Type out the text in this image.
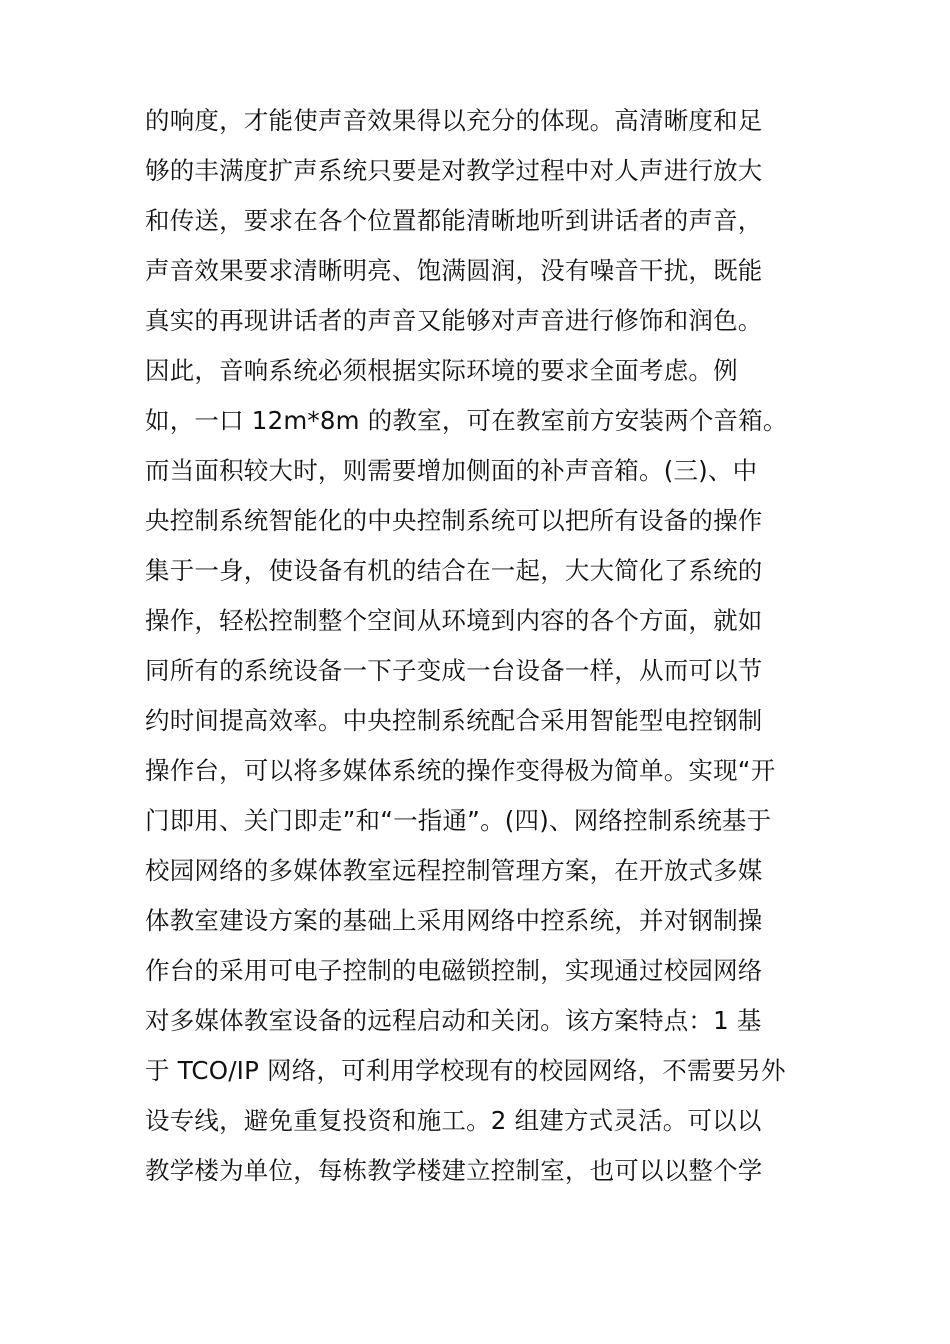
的响度，才能使声音效果得以充分的体现。高清晰度和足
够的丰满度扩声系统只要是对教学过程中对人声进行放大
和传送，要求在各个位置都能清晰地听到讲话者的声音，
声音效果要求清晰明亮、饱满圆润，没有噪音干扰，既能
真实的再现讲话者的声音又能够对声音进行修饰和润色。
因此，音响系统必须根据实际环境的要求全面考虑。例
如，一口 12m*8m 的教室，可在教室前方安装两个音箱。
而当面积较大时，则需要增加侧面的补声音箱。(三)、中
央控制系统智能化的中央控制系统可以把所有设备的操作
集于一身，使设备有机的结合在一起，大大简化了系统的
操作，轻松控制整个空间从环境到内容的各个方面，就如
同所有的系统设备一下子变成一台设备一样，从而可以节
约时间提高效率。中央控制系统配合采用智能型电控钢制
操作台，可以将多媒体系统的操作变得极为简单。实现“开
门即用、关门即走”和“一指通”。(四)、网络控制系统基于
校园网络的多媒体教室远程控制管理方案，在开放式多媒
体教室建设方案的基础上采用网络中控系统，并对钢制操
作台的采用可电子控制的电磁锁控制，实现通过校园网络
对多媒体教室设备的远程启动和关闭。该方案特点：1 基
于 TCO/IP 网络，可利用学校现有的校园网络，不需要另外
设专线，避免重复投资和施工。2 组建方式灵活。可以以
教学楼为单位，每栋教学楼建立控制室，也可以以整个学
